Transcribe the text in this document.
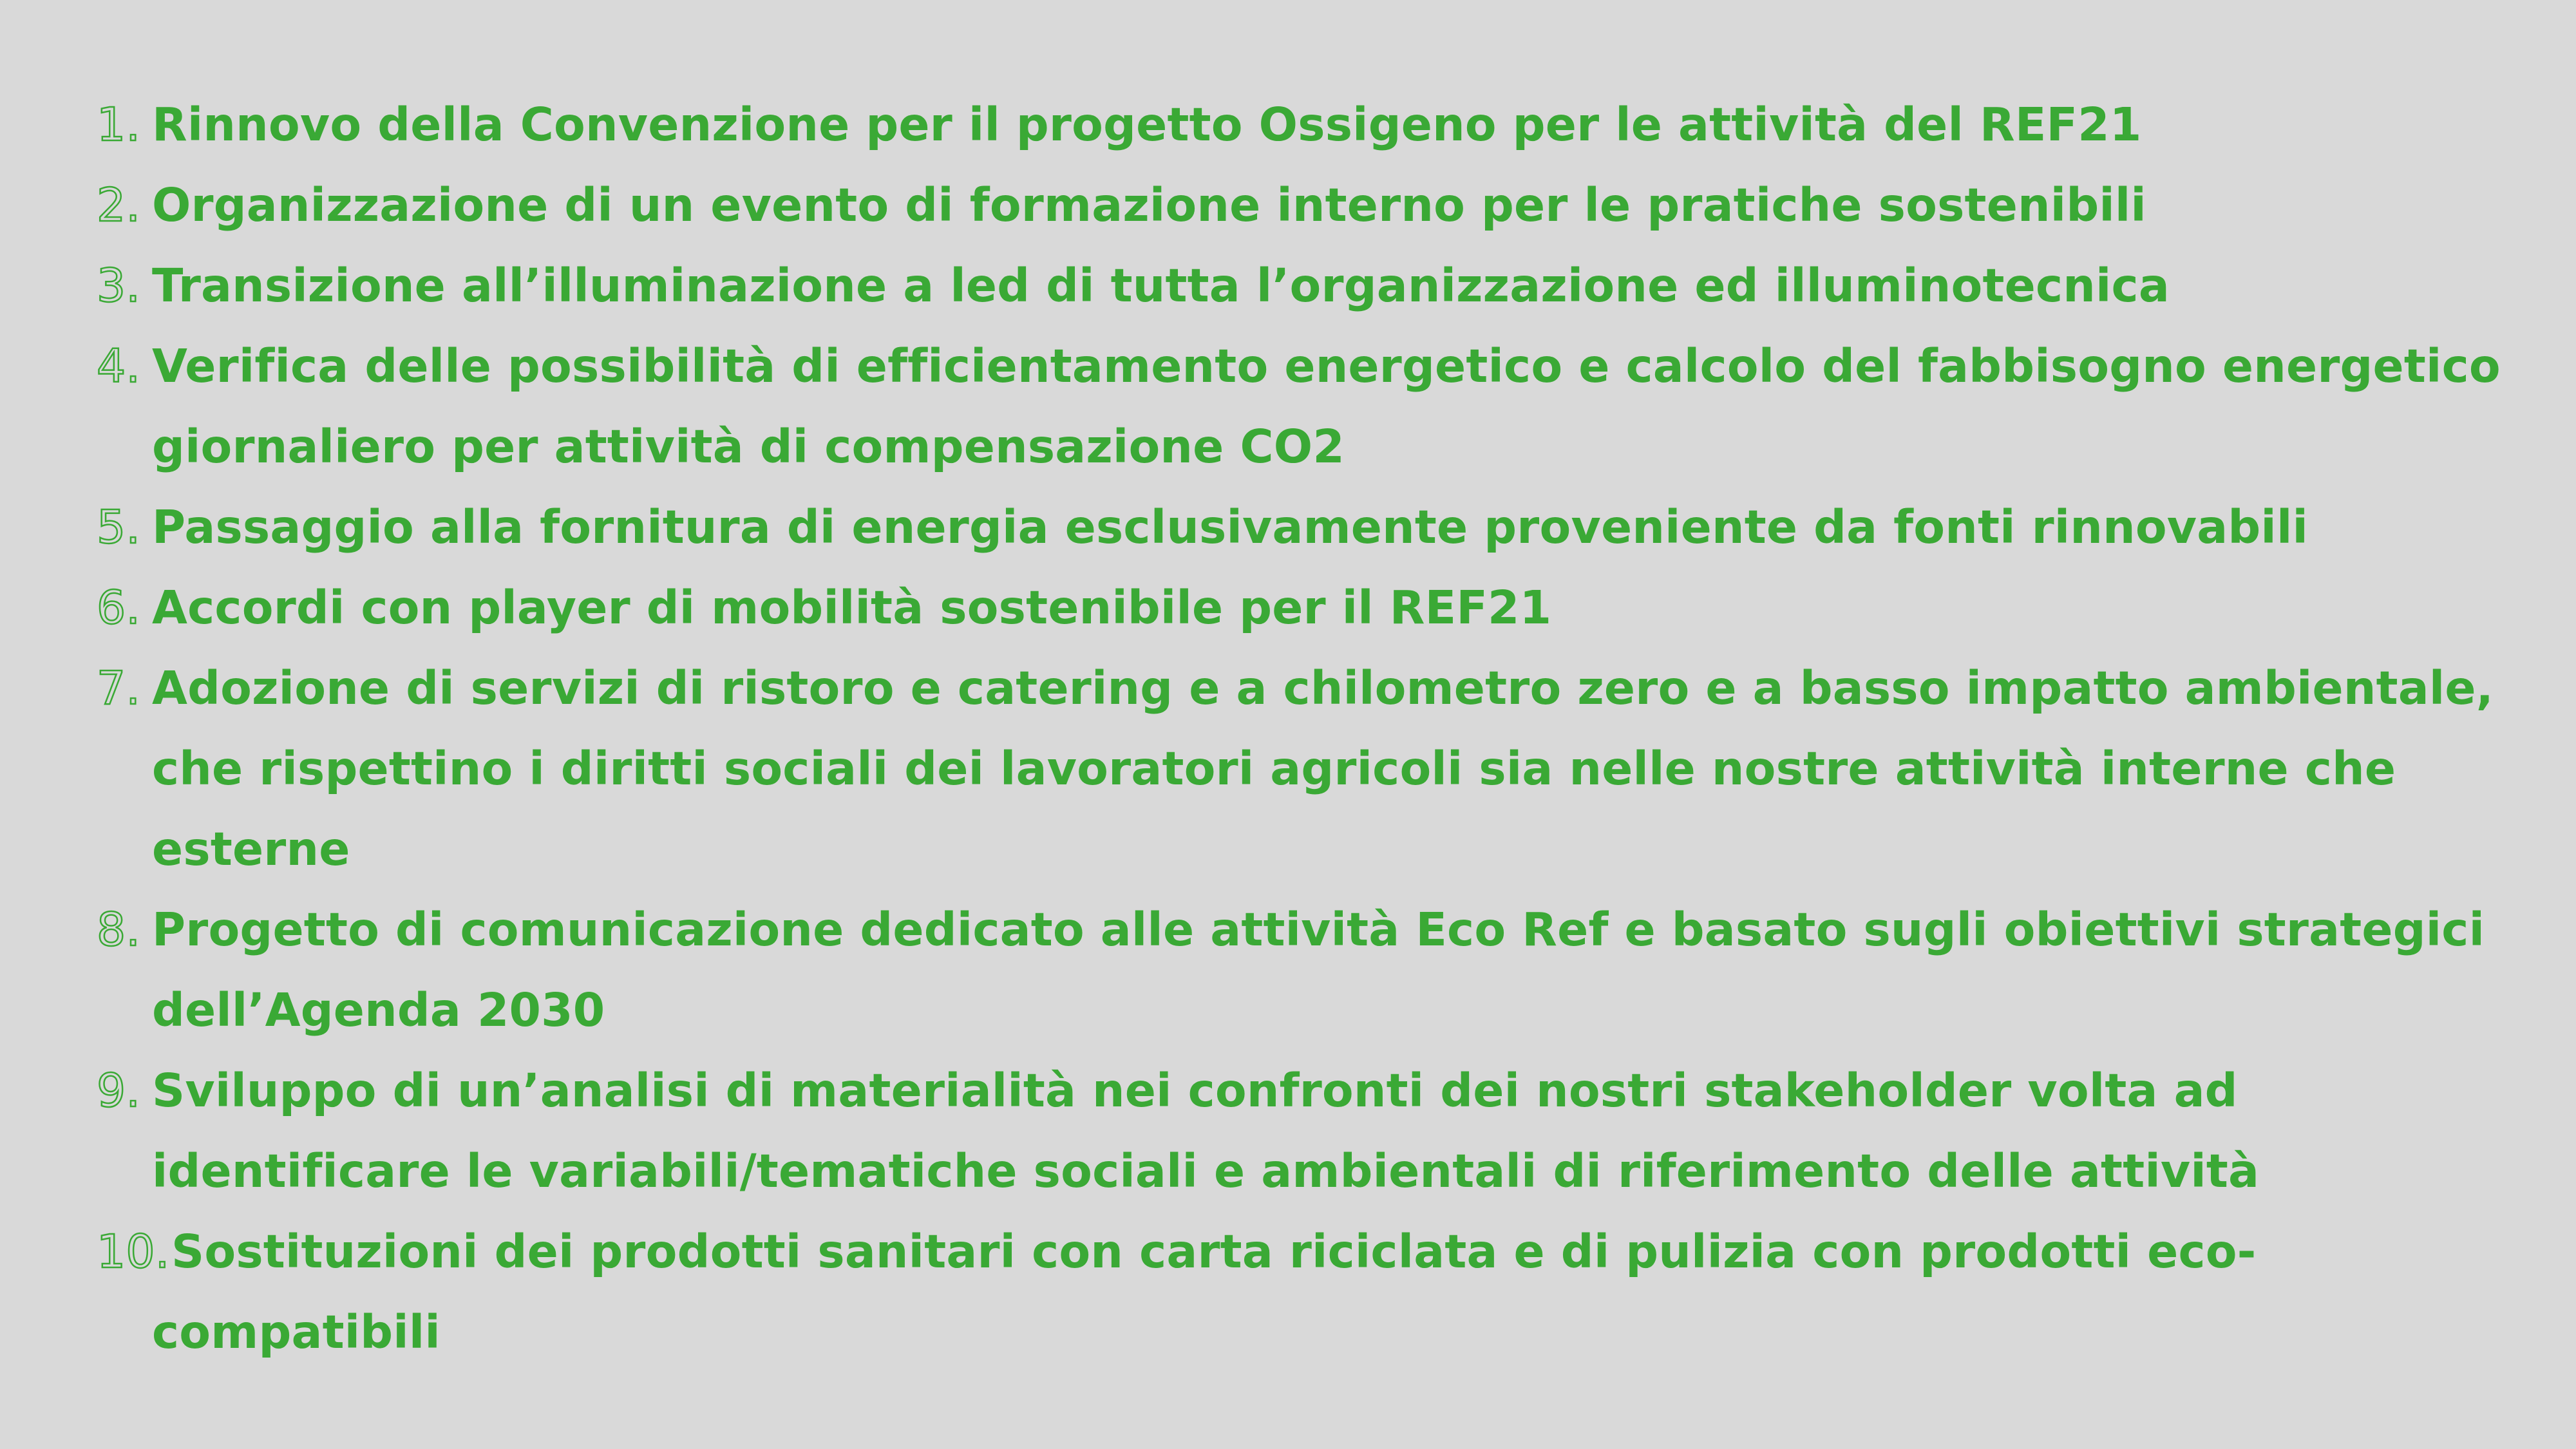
1. Rinnovo della Convenzione per il progetto Ossigeno per le attività del REF21
2. Organizzazione di un evento di formazione interno per le pratiche sostenibili
3. Transizione all’illuminazione a led di tutta l’organizzazione ed illuminotecnica
4. Verifica delle possibilità di efficientamento energetico e calcolo del fabbisogno energetico
giornaliero per attività di compensazione CO2
5. Passaggio alla fornitura di energia esclusivamente proveniente da fonti rinnovabili
6. Accordi con player di mobilità sostenibile per il REF21
7. Adozione di servizi di ristoro e catering e a chilometro zero e a basso impatto ambientale,
che rispettino i diritti sociali dei lavoratori agricoli sia nelle nostre attività interne che
esterne
8. Progetto di comunicazione dedicato alle attività Eco Ref e basato sugli obiettivi strategici
dell’Agenda 2030
9. Sviluppo di un’analisi di materialità nei confronti dei nostri stakeholder volta ad
identificare le variabili/tematiche sociali e ambientali di riferimento delle attività
10. Sostituzioni dei prodotti sanitari con carta riciclata e di pulizia con prodotti eco-
compatibili
